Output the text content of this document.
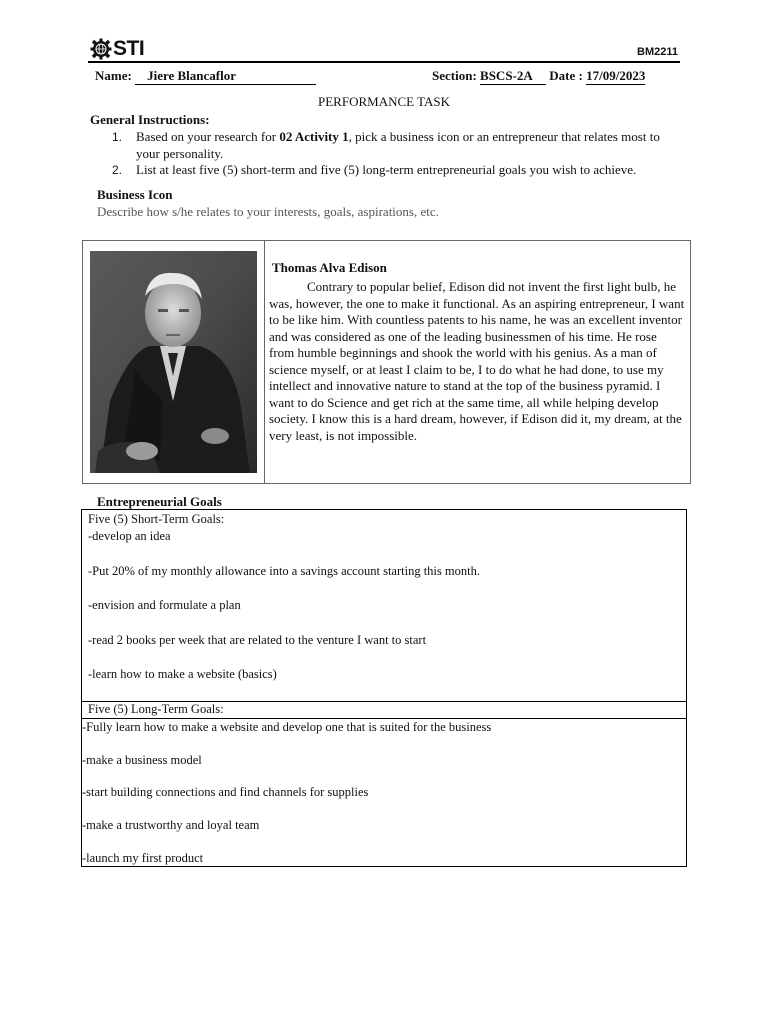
STI	BM2211
Name: Jiere Blancaflor	Section: BSCS-2A Date : 17/09/2023
PERFORMANCE TASK
General Instructions:
1.	Based on your research for 02 Activity 1, pick a business icon or an entrepreneur that relates most to your personality.
2.	List at least five (5) short-term and five (5) long-term entrepreneurial goals you wish to achieve.
Business Icon
Describe how s/he relates to your interests, goals, aspirations, etc.
Thomas Alva Edison
Contrary to popular belief, Edison did not invent the first light bulb, he was, however, the one to make it functional. As an aspiring entrepreneur, I want to be like him. With countless patents to his name, he was an excellent inventor and was considered as one of the leading businessmen of his time. He rose from humble beginnings and shook the world with his genius. As a man of science myself, or at least I claim to be, I to do what he had done, to use my intellect and innovative nature to stand at the top of the business pyramid. I want to do Science and get rich at the same time, all while helping develop society. I know this is a hard dream, however, if Edison did it, my dream, at the very least, is not impossible.
Entrepreneurial Goals
Five (5) Short-Term Goals:
-develop an idea
-Put 20% of my monthly allowance into a savings account starting this month.
-envision and formulate a plan
-read 2 books per week that are related to the venture I want to start
-learn how to make a website (basics)
Five (5) Long-Term Goals:
-Fully learn how to make a website and develop one that is suited for the business
-make a business model
-start building connections and find channels for supplies
-make a trustworthy and loyal team
-launch my first product
